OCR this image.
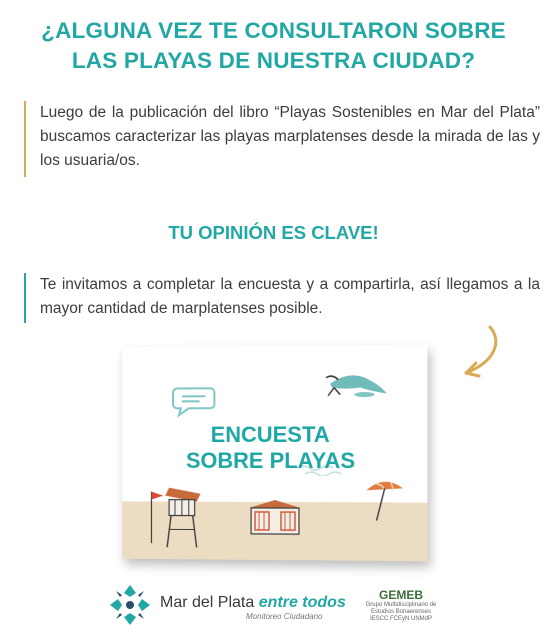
¿ALGUNA VEZ TE CONSULTARON SOBRE
LAS PLAYAS DE NUESTRA CIUDAD?
Luego de la publicación del libro “Playas Sostenibles en Mar del Plata” buscamos caracterizar las playas marplatenses desde la mirada de las y los usuaria/os.
TU OPINIÓN ES CLAVE!
Te invitamos a completar la encuesta y a compartirla, así llegamos a la mayor cantidad de marplatenses posible.
ENCUESTA
SOBRE PLAYAS
Mar del Plata entre todos
Monitoreo Ciudadano
GEMEB
Grupo Multidisciplinario de
Estudios Bonaerenses
IESCC FCEyN UNMdP
